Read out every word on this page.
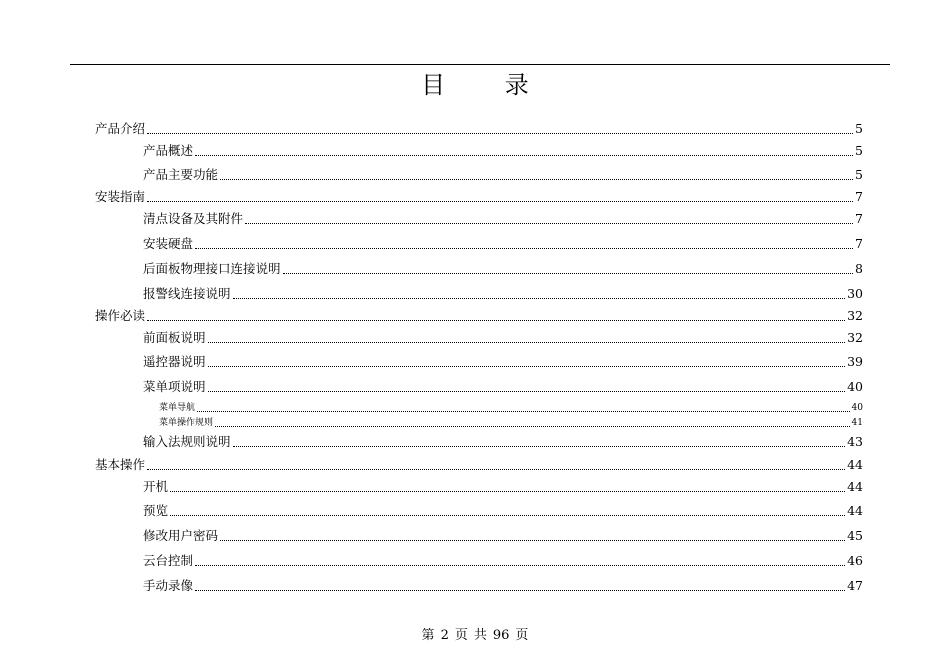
目 录
产品介绍	5
产品概述	5
产品主要功能	5
安装指南	7
清点设备及其附件	7
安装硬盘	7
后面板物理接口连接说明	8
报警线连接说明	30
操作必读	32
前面板说明	32
遥控器说明	39
菜单项说明	40
菜单导航	40
菜单操作规则	41
输入法规则说明	43
基本操作	44
开机	44
预览	44
修改用户密码	45
云台控制	46
手动录像	47
第 2 页 共 96 页
